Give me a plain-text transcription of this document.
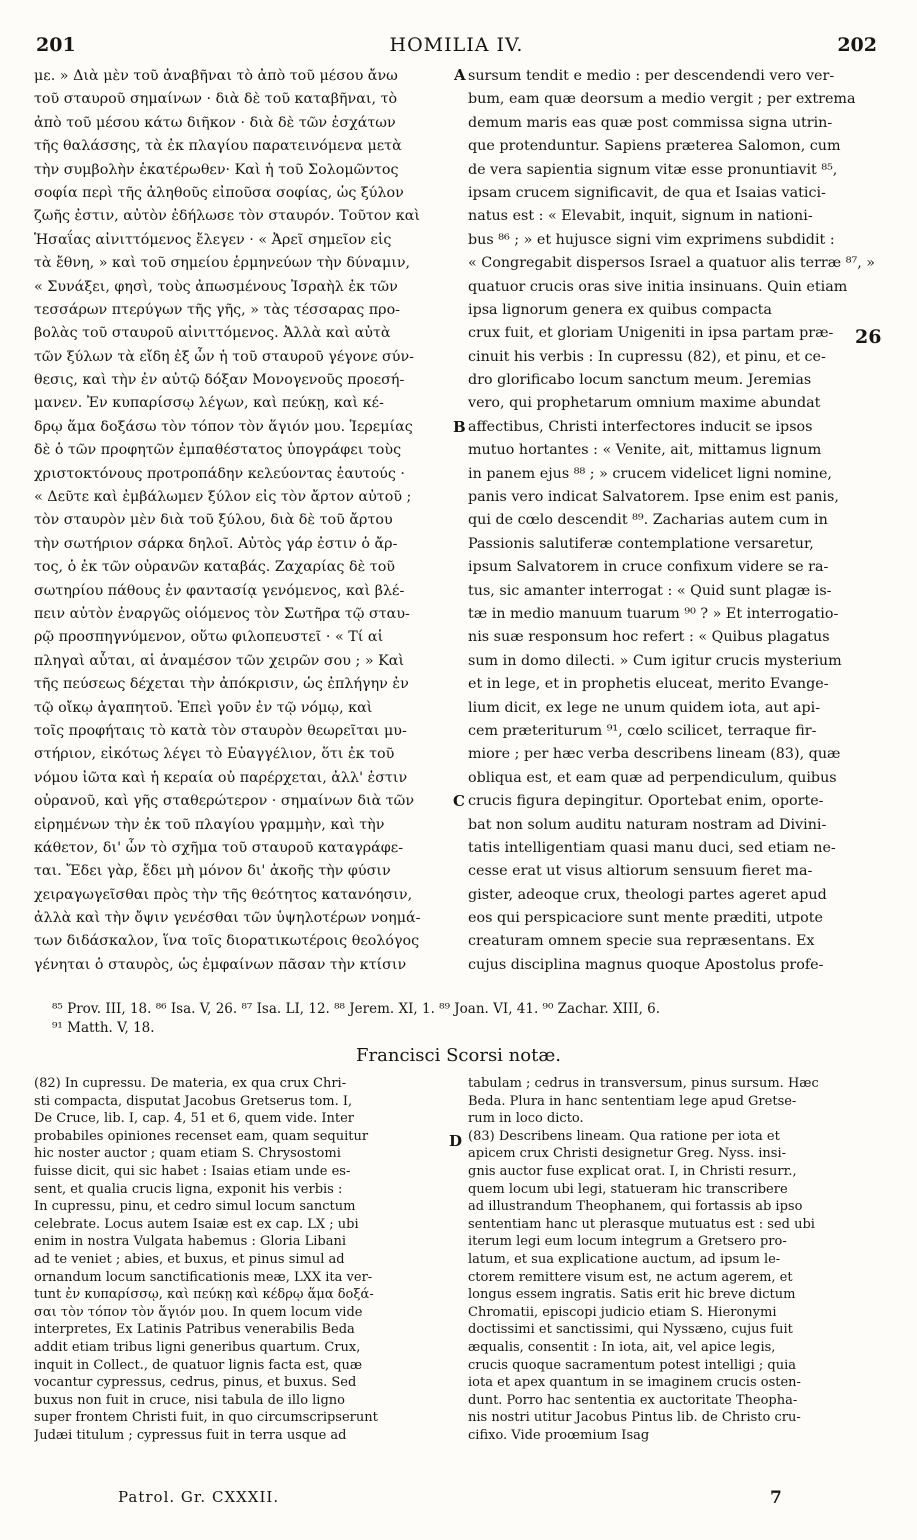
201	HOMILIA IV.	202
με. » Διὰ μὲν τοῦ ἀναβῆναι τὸ ἀπὸ τοῦ μέσου ἄνω
τοῦ σταυροῦ σημαίνων · διὰ δὲ τοῦ καταβῆναι, τὸ
ἀπὸ τοῦ μέσου κάτω διῆκον · διὰ δὲ τῶν ἐσχάτων
τῆς θαλάσσης, τὰ ἐκ πλαγίου παρατεινόμενα μετὰ
τὴν συμβολὴν ἑκατέρωθεν· Καὶ ἡ τοῦ Σολομῶντος
σοφία περὶ τῆς ἀληθοῦς εἰποῦσα σοφίας, ὡς ξύλον
ζωῆς ἐστιν, αὐτὸν ἐδήλωσε τὸν σταυρόν. Τοῦτον καὶ
Ἡσαΐας αἰνιττόμενος ἔλεγεν · « Ἀρεῖ σημεῖον εἰς
τὰ ἔθνη, » καὶ τοῦ σημείου ἑρμηνεύων τὴν δύναμιν,
« Συνάξει, φησὶ, τοὺς ἀπωσμένους Ἰσραὴλ ἐκ τῶν
τεσσάρων πτερύγων τῆς γῆς, » τὰς τέσσαρας προ-
βολὰς τοῦ σταυροῦ αἰνιττόμενος. Ἀλλὰ καὶ αὐτὰ
τῶν ξύλων τὰ εἴδη ἐξ ὧν ἡ τοῦ σταυροῦ γέγονε σύν-
θεσις, καὶ τὴν ἐν αὐτῷ δόξαν Μονογενοῦς προεσή-
μανεν. Ἐν κυπαρίσσῳ λέγων, καὶ πεύκῃ, καὶ κέ-
δρῳ ἅμα δοξάσω τὸν τόπον τὸν ἅγιόν μου. Ἱερεμίας
δὲ ὁ τῶν προφητῶν ἐμπαθέστατος ὑπογράφει τοὺς
χριστοκτόνους προτροπάδην κελεύοντας ἑαυτούς ·
« Δεῦτε καὶ ἐμβάλωμεν ξύλον εἰς τὸν ἄρτον αὐτοῦ ;
τὸν σταυρὸν μὲν διὰ τοῦ ξύλου, διὰ δὲ τοῦ ἄρτου
τὴν σωτήριον σάρκα δηλοῖ. Αὐτὸς γάρ ἐστιν ὁ ἄρ-
τος, ὁ ἐκ τῶν οὐρανῶν καταβάς. Ζαχαρίας δὲ τοῦ
σωτηρίου πάθους ἐν φαντασίᾳ γενόμενος, καὶ βλέ-
πειν αὐτὸν ἐναργῶς οἰόμενος τὸν Σωτῆρα τῷ σταυ-
ρῷ προσπηγνύμενον, οὕτω φιλοπευστεῖ · « Τί αἱ
πληγαὶ αὗται, αἱ ἀναμέσον τῶν χειρῶν σου ; » Καὶ
τῆς πεύσεως δέχεται τὴν ἀπόκρισιν, ὡς ἐπλήγην ἐν
τῷ οἴκῳ ἀγαπητοῦ. Ἐπεὶ γοῦν ἐν τῷ νόμῳ, καὶ
τοῖς προφήταις τὸ κατὰ τὸν σταυρὸν θεωρεῖται μυ-
στήριον, εἰκότως λέγει τὸ Εὐαγγέλιον, ὅτι ἐκ τοῦ
νόμου ἰῶτα καὶ ἡ κεραία οὐ παρέρχεται, ἀλλ' ἐστιν
οὐρανοῦ, καὶ γῆς σταθερώτερον · σημαίνων διὰ τῶν
εἰρημένων τὴν ἐκ τοῦ πλαγίου γραμμὴν, καὶ τὴν
κάθετον, δι' ὧν τὸ σχῆμα τοῦ σταυροῦ καταγράφε-
ται. Ἔδει γὰρ, ἔδει μὴ μόνον δι' ἀκοῆς τὴν φύσιν
χειραγωγεῖσθαι πρὸς τὴν τῆς θεότητος κατανόησιν,
ἀλλὰ καὶ τὴν ὄψιν γενέσθαι τῶν ὑψηλοτέρων νοημά-
των διδάσκαλον, ἵνα τοῖς διορατικωτέροις θεολόγος
γένηται ὁ σταυρὸς, ὡς ἐμφαίνων πᾶσαν τὴν κτίσιν
sursum tendit e medio : per descendendi vero ver-
bum, eam quæ deorsum a medio vergit ; per extrema
demum maris eas quæ post commissa signa utrin-
que protenduntur. Sapiens præterea Salomon, cum
de vera sapientia signum vitæ esse pronuntiavit ⁸⁵,
ipsam crucem significavit, de qua et Isaias vatici-
natus est : « Elevabit, inquit, signum in nationi-
bus ⁸⁶ ; » et hujusce signi vim exprimens subdidit :
« Congregabit dispersos Israel a quatuor alis terræ ⁸⁷, »
quatuor crucis oras sive initia insinuans. Quin etiam
ipsa lignorum genera ex quibus compacta
crux fuit, et gloriam Unigeniti in ipsa partam præ-
cinuit his verbis : In cupressu (82), et pinu, et ce-
dro glorificabo locum sanctum meum. Jeremias
vero, qui prophetarum omnium maxime abundat
affectibus, Christi interfectores inducit se ipsos
mutuo hortantes : « Venite, ait, mittamus lignum
in panem ejus ⁸⁸ ; » crucem videlicet ligni nomine,
panis vero indicat Salvatorem. Ipse enim est panis,
qui de cœlo descendit ⁸⁹. Zacharias autem cum in
Passionis salutiferæ contemplatione versaretur,
ipsum Salvatorem in cruce confixum videre se ra-
tus, sic amanter interrogat : « Quid sunt plagæ is-
tæ in medio manuum tuarum ⁹⁰ ? » Et interrogatio-
nis suæ responsum hoc refert : « Quibus plagatus
sum in domo dilecti. » Cum igitur crucis mysterium
et in lege, et in prophetis eluceat, merito Evange-
lium dicit, ex lege ne unum quidem iota, aut api-
cem præteriturum ⁹¹, cœlo scilicet, terraque fir-
miore ; per hæc verba describens lineam (83), quæ
obliqua est, et eam quæ ad perpendiculum, quibus
crucis figura depingitur. Oportebat enim, oporte-
bat non solum auditu naturam nostram ad Divini-
tatis intelligentiam quasi manu duci, sed etiam ne-
cesse erat ut visus altiorum sensuum fieret ma-
gister, adeoque crux, theologi partes ageret apud
eos qui perspicaciore sunt mente præditi, utpote
creaturam omnem specie sua repræsentans. Ex
cujus disciplina magnus quoque Apostolus profe-
A
B
C
D
26
⁸⁵ Prov. III, 18. ⁸⁶ Isa. V, 26. ⁸⁷ Isa. LI, 12. ⁸⁸ Jerem. XI, 1. ⁸⁹ Joan. VI, 41. ⁹⁰ Zachar. XIII, 6.
⁹¹ Matth. V, 18.
Francisci Scorsi notæ.
(82) In cupressu. De materia, ex qua crux Chri-
sti compacta, disputat Jacobus Gretserus tom. I,
De Cruce, lib. I, cap. 4, 51 et 6, quem vide. Inter
probabiles opiniones recenset eam, quam sequitur
hic noster auctor ; quam etiam S. Chrysostomi
fuisse dicit, qui sic habet : Isaias etiam unde es-
sent, et qualia crucis ligna, exponit his verbis :
In cupressu, pinu, et cedro simul locum sanctum
celebrate. Locus autem Isaiæ est ex cap. LX ; ubi
enim in nostra Vulgata habemus : Gloria Libani
ad te veniet ; abies, et buxus, et pinus simul ad
ornandum locum sanctificationis meæ, LXX ita ver-
tunt ἐν κυπαρίσσῳ, καὶ πεύκῃ καὶ κέδρῳ ἅμα δοξά-
σαι τὸν τόπον τὸν ἅγιόν μου. In quem locum vide
interpretes, Ex Latinis Patribus venerabilis Beda
addit etiam tribus ligni generibus quartum. Crux,
inquit in Collect., de quatuor lignis facta est, quæ
vocantur cypressus, cedrus, pinus, et buxus. Sed
buxus non fuit in cruce, nisi tabula de illo ligno
super frontem Christi fuit, in quo circumscripserunt
Judæi titulum ; cypressus fuit in terra usque ad
tabulam ; cedrus in transversum, pinus sursum. Hæc
Beda. Plura in hanc sententiam lege apud Gretse-
rum in loco dicto.
(83) Describens lineam. Qua ratione per iota et
apicem crux Christi designetur Greg. Nyss. insi-
gnis auctor fuse explicat orat. I, in Christi resurr.,
quem locum ubi legi, statueram hic transcribere
ad illustrandum Theophanem, qui fortassis ab ipso
sententiam hanc ut plerasque mutuatus est : sed ubi
iterum legi eum locum integrum a Gretsero pro-
latum, et sua explicatione auctum, ad ipsum le-
ctorem remittere visum est, ne actum agerem, et
longus essem ingratis. Satis erit hic breve dictum
Chromatii, episcopi judicio etiam S. Hieronymi
doctissimi et sanctissimi, qui Nyssæno, cujus fuit
æqualis, consentit : In iota, ait, vel apice legis,
crucis quoque sacramentum potest intelligi ; quia
iota et apex quantum in se imaginem crucis osten-
dunt. Porro hac sententia ex auctoritate Theopha-
nis nostri utitur Jacobus Pintus lib. de Christo cru-
cifixo. Vide proœmium Isag
Patrol. Gr. CXXXII.	7
